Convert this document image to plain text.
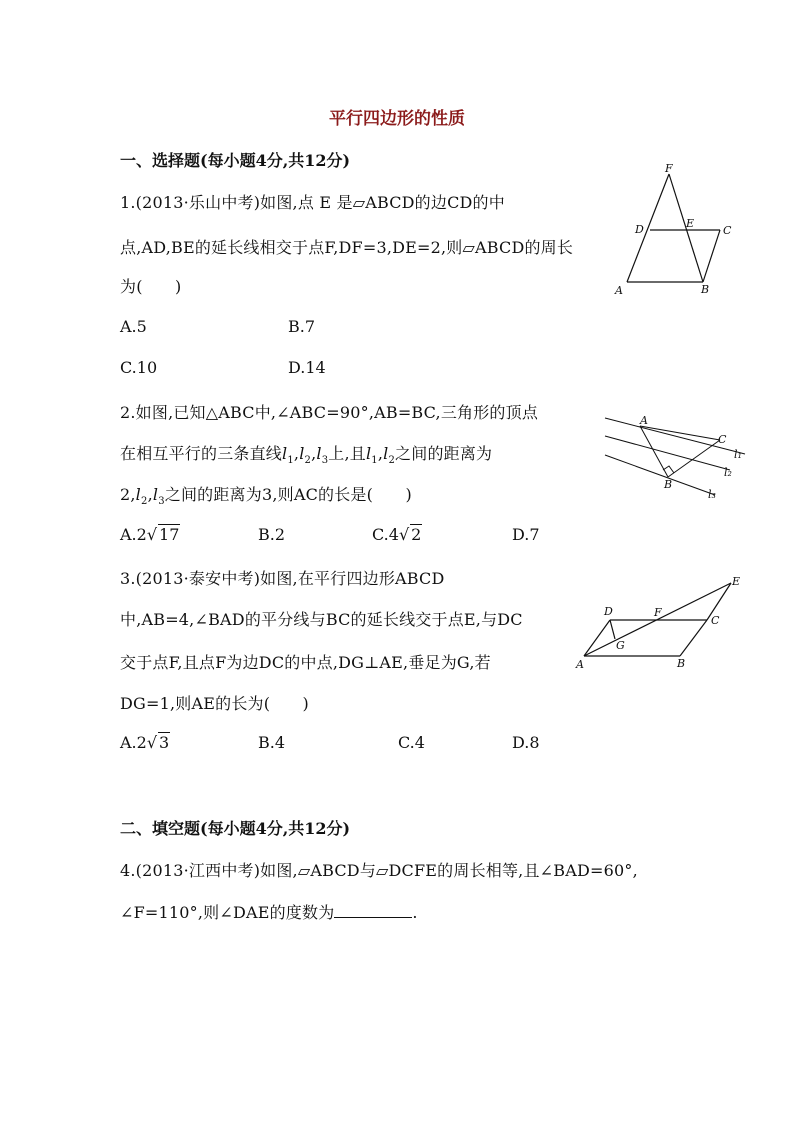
平行四边形的性质
一、选择题(每小题4分,共12分)
1.(2013·乐山中考)如图,点 E 是▱ABCD的边CD的中
点,AD,BE的延长线相交于点F,DF=3,DE=2,则▱ABCD的周长
为(　　)
A.5	B.7
C.10	D.14
F
D	E
C
A	B
2.如图,已知△ABC中,∠ABC=90°,AB=BC,三角形的顶点
在相互平行的三条直线$l_1,l_2,l_3$上,且$l_1,l_2$之间的距离为
$2,l_2,l_3$之间的距离为3,则AC的长是(　　)
A.2√ 17	B.2	C.4√ 2	D.7
A
C
B
l₁
l₂
l₃
3.(2013·泰安中考)如图,在平行四边形ABCD
中,AB=4,∠BAD的平分线与BC的延长线交于点E,与DC
交于点F,且点F为边DC的中点,DG⊥AE,垂足为G,若
DG=1,则AE的长为(　　)
A.2√ 3	B.4	C.4	D.8
D	F
C
E
G
A	B
二、填空题(每小题4分,共12分)
4.(2013·江西中考)如图,▱ABCD与▱DCFE的周长相等,且∠BAD=60°,
∠F=110°,则∠DAE的度数为	.
